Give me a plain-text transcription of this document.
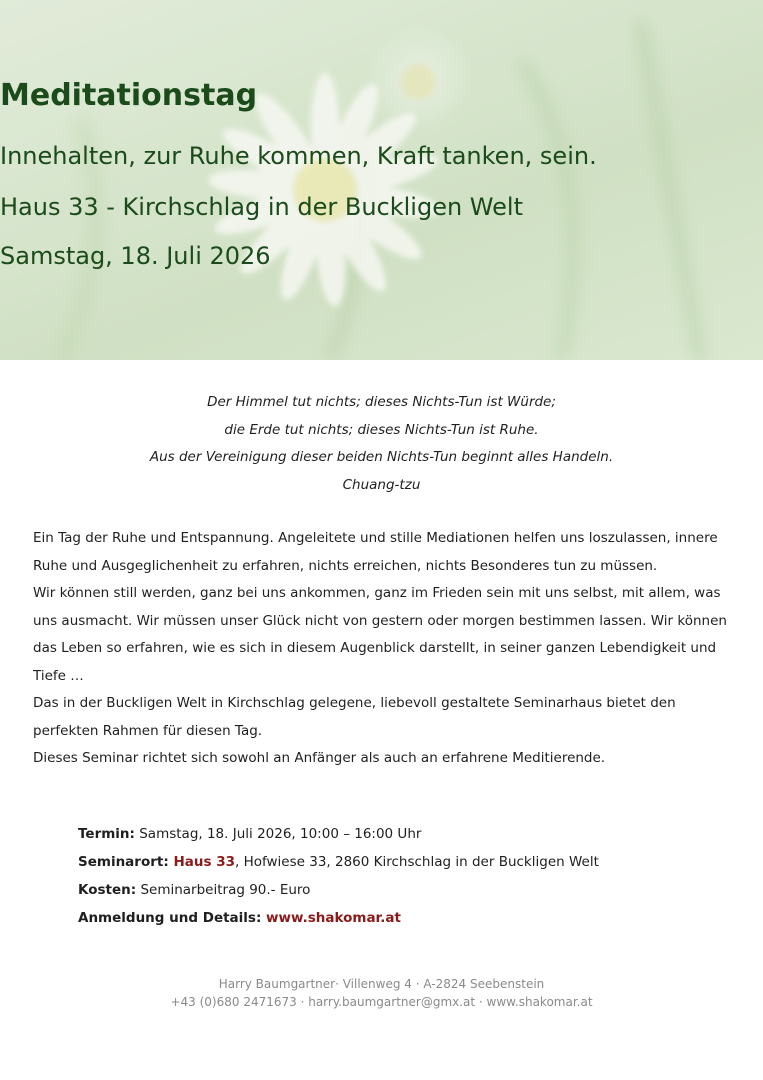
Meditationstag
Innehalten, zur Ruhe kommen, Kraft tanken, sein.
Haus 33 - Kirchschlag in der Buckligen Welt
Samstag, 18. Juli 2026
Der Himmel tut nichts; dieses Nichts-Tun ist Würde;
die Erde tut nichts; dieses Nichts-Tun ist Ruhe.
Aus der Vereinigung dieser beiden Nichts-Tun beginnt alles Handeln.
Chuang-tzu

Ein Tag der Ruhe und Entspannung. Angeleitete und stille Mediationen helfen uns loszulassen, innere Ruhe und Ausgeglichenheit zu erfahren, nichts erreichen, nichts Besonderes tun zu müssen.

Wir können still werden, ganz bei uns ankommen, ganz im Frieden sein mit uns selbst, mit allem, was uns ausmacht. Wir müssen unser Glück nicht von gestern oder morgen bestimmen lassen. Wir können das Leben so erfahren, wie es sich in diesem Augenblick darstellt, in seiner ganzen Lebendigkeit und Tiefe …

Das in der Buckligen Welt in Kirchschlag gelegene, liebevoll gestaltete Seminarhaus bietet den perfekten Rahmen für diesen Tag.

Dieses Seminar richtet sich sowohl an Anfänger als auch an erfahrene Meditierende.

Termin: Samstag, 18. Juli 2026, 10:00 – 16:00 Uhr
Seminarort: Haus 33, Hofwiese 33, 2860 Kirchschlag in der Buckligen Welt
Kosten: Seminarbeitrag 90.- Euro
Anmeldung und Details: www.shakomar.at
Harry Baumgartner· Villenweg 4 · A-2824 Seebenstein
+43 (0)680 2471673 · harry.baumgartner@gmx.at · www.shakomar.at
